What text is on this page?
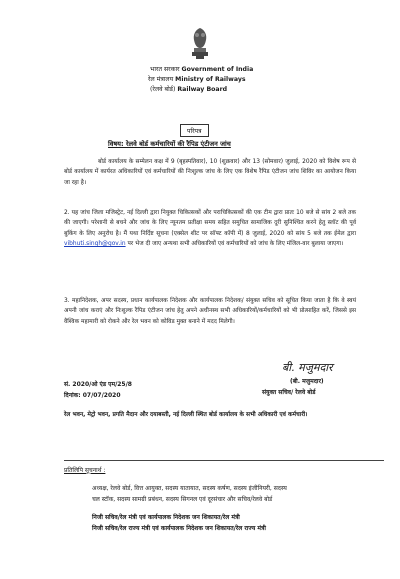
भारत सरकार Government of India
रेल मंत्रालय Ministry of Railways
(रेलवे बोर्ड) Railway Board
परिपत्र
विषय: रेलवे बोर्ड कर्मचारियों की रैपिड एंटीजन जांच
बोर्ड कार्यालय के सम्मेलन कक्ष में 9 (बृहस्पतिवार), 10 (शुक्रवार) और 13 (सोमवार) जुलाई, 2020 को विशेष रूप से बोर्ड कार्यालय में कार्यरत अधिकारियों एवं कर्मचारियों की निःशुल्क जांच के लिए एक विशेष रैपिड एंटीजन जांच शिविर का आयोजन किया जा रहा है।
2. यह जांच जिला मजिस्ट्रेट, नई दिल्ली द्वारा नियुक्त चिकित्सकों और पराचिकित्सकों की एक टीम द्वारा प्रातः 10 बजे से सांय 2 बजे तक की जाएगी। परेशानी से बचने और जांच के लिए न्यूनतम प्रतीक्षा समय सहित समुचित सामाजिक दूरी सुनिश्चित करने हेतु स्लॉट की पूर्व बुकिंग के लिए अनुरोध है। मैं यथा निर्दिष्ट सूचना (एक्सेल शीट पर सॉफ्ट कॉपी में) 8 जुलाई, 2020 को सांय 5 बजे तक ईमेल द्वारा vibhuti.singh@gov.in पर भेज दी जाए अन्यथा सभी अधिकारियों एवं कर्मचारियों को जांच के लिए मंजिल-वार बुलाया जाएगा।
3. महानिदेशक, अपर सदस्य, प्रधान कार्यपालक निदेशक और कार्यपालक निदेशक/ संयुक्त सचिव को सूचित किया जाता है कि वे स्वयं अपनी जांच कराएं और निःशुल्क रैपिड एंटीजन जांच हेतु अपने अधीनस्थ सभी अधिकारियों/कर्मचारियों को भी प्रोत्साहित करें, जिससे इस वैश्विक महामारी को रोकने और रेल भवन को कोविड मुक्त बनाने में मदद मिलेगी।
बी. मजुमदार
(बी. मजुमदार)
संयुक्त सचिव/ रेलवे बोर्ड
सं. 2020/ओ एंड एम/25/8
दिनांक: 07/07/2020
रेल भवन, मेट्रो भवन, प्रगति मैदान और दयाबस्ती, नई दिल्ली स्थित बोर्ड कार्यालय के सभी अधिकारी एवं कर्मचारी।
प्रतिलिपि सूचनार्थ :
अध्यक्ष, रेलवे बोर्ड, वित्त आयुक्त, सदस्य यातायात, सदस्य कर्षण, सदस्य इंजीनियरी, सदस्य
चल स्टॉक, सदस्य सामग्री प्रबंधन, सदस्य सिगनल एवं दूरसंचार और सचिव/रेलवे बोर्ड
निजी सचिव/रेल मंत्री एवं कार्यपालक निदेशक जन शिकायत/रेल मंत्री
निजी सचिव/रेल राज्य मंत्री एवं कार्यपालक निदेशक जन शिकायत/रेल राज्य मंत्री
